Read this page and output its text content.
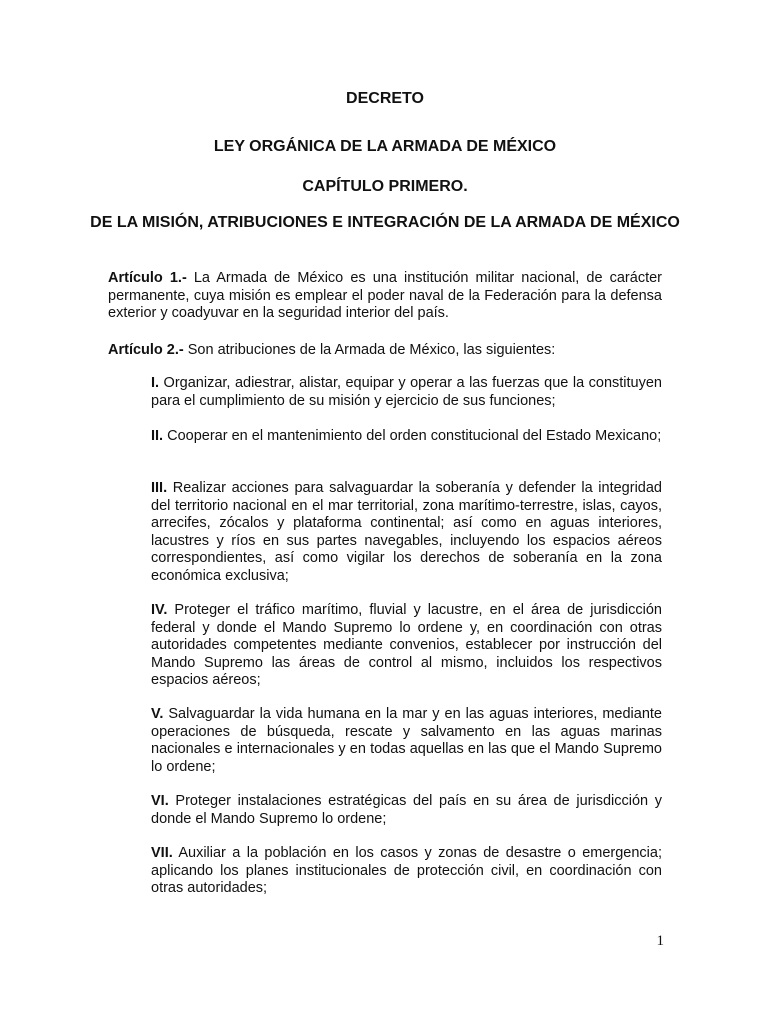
DECRETO
LEY ORGÁNICA DE LA ARMADA DE MÉXICO
CAPÍTULO PRIMERO.
DE LA MISIÓN, ATRIBUCIONES E INTEGRACIÓN DE LA ARMADA DE MÉXICO

Artículo 1.- La Armada de México es una institución militar nacional, de carácter permanente, cuya misión es emplear el poder naval de la Federación para la defensa exterior y coadyuvar en la seguridad interior del país.

Artículo 2.- Son atribuciones de la Armada de México, las siguientes:

I. Organizar, adiestrar, alistar, equipar y operar a las fuerzas que la constituyen para el cumplimiento de su misión y ejercicio de sus funciones;

II. Cooperar en el mantenimiento del orden constitucional del Estado Mexicano;

III. Realizar acciones para salvaguardar la soberanía y defender la integridad del territorio nacional en el mar territorial, zona marítimo-terrestre, islas, cayos, arrecifes, zócalos y plataforma continental; así como en aguas interiores, lacustres y ríos en sus partes navegables, incluyendo los espacios aéreos correspondientes, así como vigilar los derechos de soberanía en la zona económica exclusiva;

IV. Proteger el tráfico marítimo, fluvial y lacustre, en el área de jurisdicción federal y donde el Mando Supremo lo ordene y, en coordinación con otras autoridades competentes mediante convenios, establecer por instrucción del Mando Supremo las áreas de control al mismo, incluidos los respectivos espacios aéreos;

V. Salvaguardar la vida humana en la mar y en las aguas interiores, mediante operaciones de búsqueda, rescate y salvamento en las aguas marinas nacionales e internacionales y en todas aquellas en las que el Mando Supremo lo ordene;

VI. Proteger instalaciones estratégicas del país en su área de jurisdicción y donde el Mando Supremo lo ordene;

VII. Auxiliar a la población en los casos y zonas de desastre o emergencia; aplicando los planes institucionales de protección civil, en coordinación con otras autoridades;

1
